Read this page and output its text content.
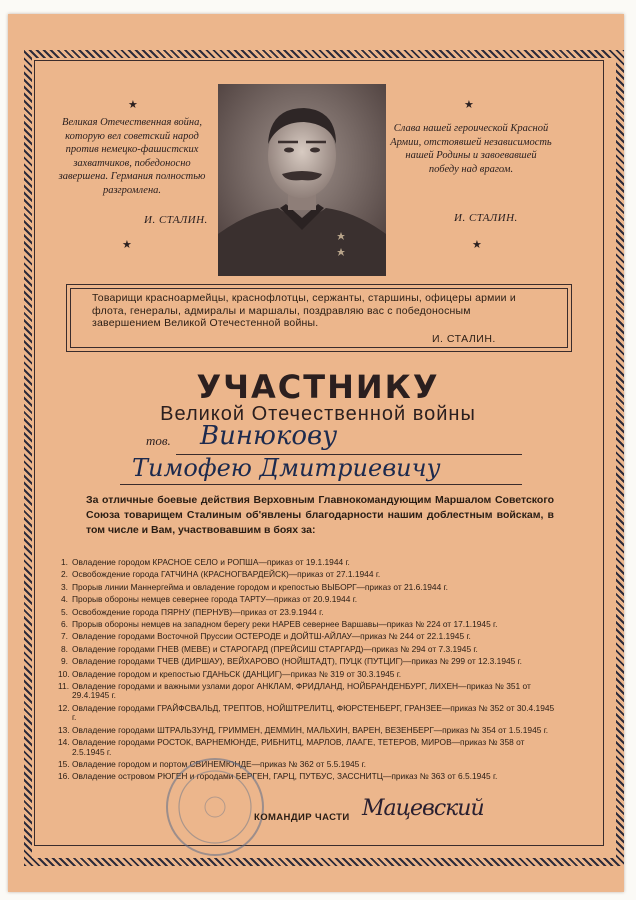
★
Великая Отечественная война, которую вел советский народ против немецко-фашистских захватчиков, победоносно завершена. Германия полностью разгромлена.
И. СТАЛИН.
★
★
Слава нашей героической Красной Армии, отстоявшей независимость нашей Родины и завоевавшей победу над врагом.
И. СТАЛИН.
★
Товарищи красноармейцы, краснофлотцы, сержанты, старшины, офицеры армии и флота, генералы, адмиралы и маршалы, поздравляю вас с победоносным завершением Великой Отечестенной войны.
И. СТАЛИН.
УЧАСТНИКУ
Великой Отечественной войны
тов. Винюкову
Тимофею Дмитриевичу
За отличные боевые действия Верховным Главнокомандующим Маршалом Советского Союза товарищем Сталиным об'явлены благодарности нашим доблестным войскам, в том числе и Вам, участвовавшим в боях за:
1. Овладение городом КРАСНОЕ СЕЛО и РОПША—приказ от 19.1.1944 г.
2. Освобождение города ГАТЧИНА (КРАСНОГВАРДЕЙСК)—приказ от 27.1.1944 г.
3. Прорыв линии Маннергейма и овладение городом и крепостью ВЫБОРГ—приказ от 21.6.1944 г.
4. Прорыв обороны немцев севернее города ТАРТУ—приказ от 20.9.1944 г.
5. Освобождение города ПЯРНУ (ПЕРНУВ)—приказ от 23.9.1944 г.
6. Прорыв обороны немцев на западном берегу реки НАРЕВ севернее Варшавы—приказ № 224 от 17.1.1945 г.
7. Овладение городами Восточной Пруссии ОСТЕРОДЕ и ДОЙТШ-АЙЛАУ—приказ № 244 от 22.1.1945 г.
8. Овладение городами ГНЕВ (МЕВЕ) и СТАРОГАРД (ПРЕЙСИШ СТАРГАРД)—приказ № 294 от 7.3.1945 г.
9. Овладение городами ТЧЕВ (ДИРШАУ), ВЕЙХАРОВО (НОЙШТАДТ), ПУЦК (ПУТЦИГ)—приказ № 299 от 12.3.1945 г.
10. Овладение городом и крепостью ГДАНЬСК (ДАНЦИГ)—приказ № 319 от 30.3.1945 г.
11. Овладение городами и важными узлами дорог АНКЛАМ, ФРИДЛАНД, НОЙБРАНДЕНБУРГ, ЛИХЕН—приказ № 351 от 29.4.1945 г.
12. Овладение городами ГРАЙФСВАЛЬД, ТРЕПТОВ, НОЙШТРЕЛИТЦ, ФЮРСТЕНБЕРГ, ГРАНЗЕЕ—приказ № 352 от 30.4.1945 г.
13. Овладение городами ШТРАЛЬЗУНД, ГРИММЕН, ДЕММИН, МАЛЬХИН, ВАРЕН, ВЕЗЕНБЕРГ—приказ № 354 от 1.5.1945 г.
14. Овладение городами РОСТОК, ВАРНЕМЮНДЕ, РИБНИТЦ, МАРЛОВ, ЛААГЕ, ТЕТЕРОВ, МИРОВ—приказ № 358 от 2.5.1945 г.
15. Овладение городом и портом СВИНЕМЮНДЕ—приказ № 362 от 5.5.1945 г.
16. Овладение островом РЮГЕН и городами БЕРГЕН, ГАРЦ, ПУТБУС, ЗАССНИТЦ—приказ № 363 от 6.5.1945 г.
КОМАНДИР ЧАСТИ Мацевский
